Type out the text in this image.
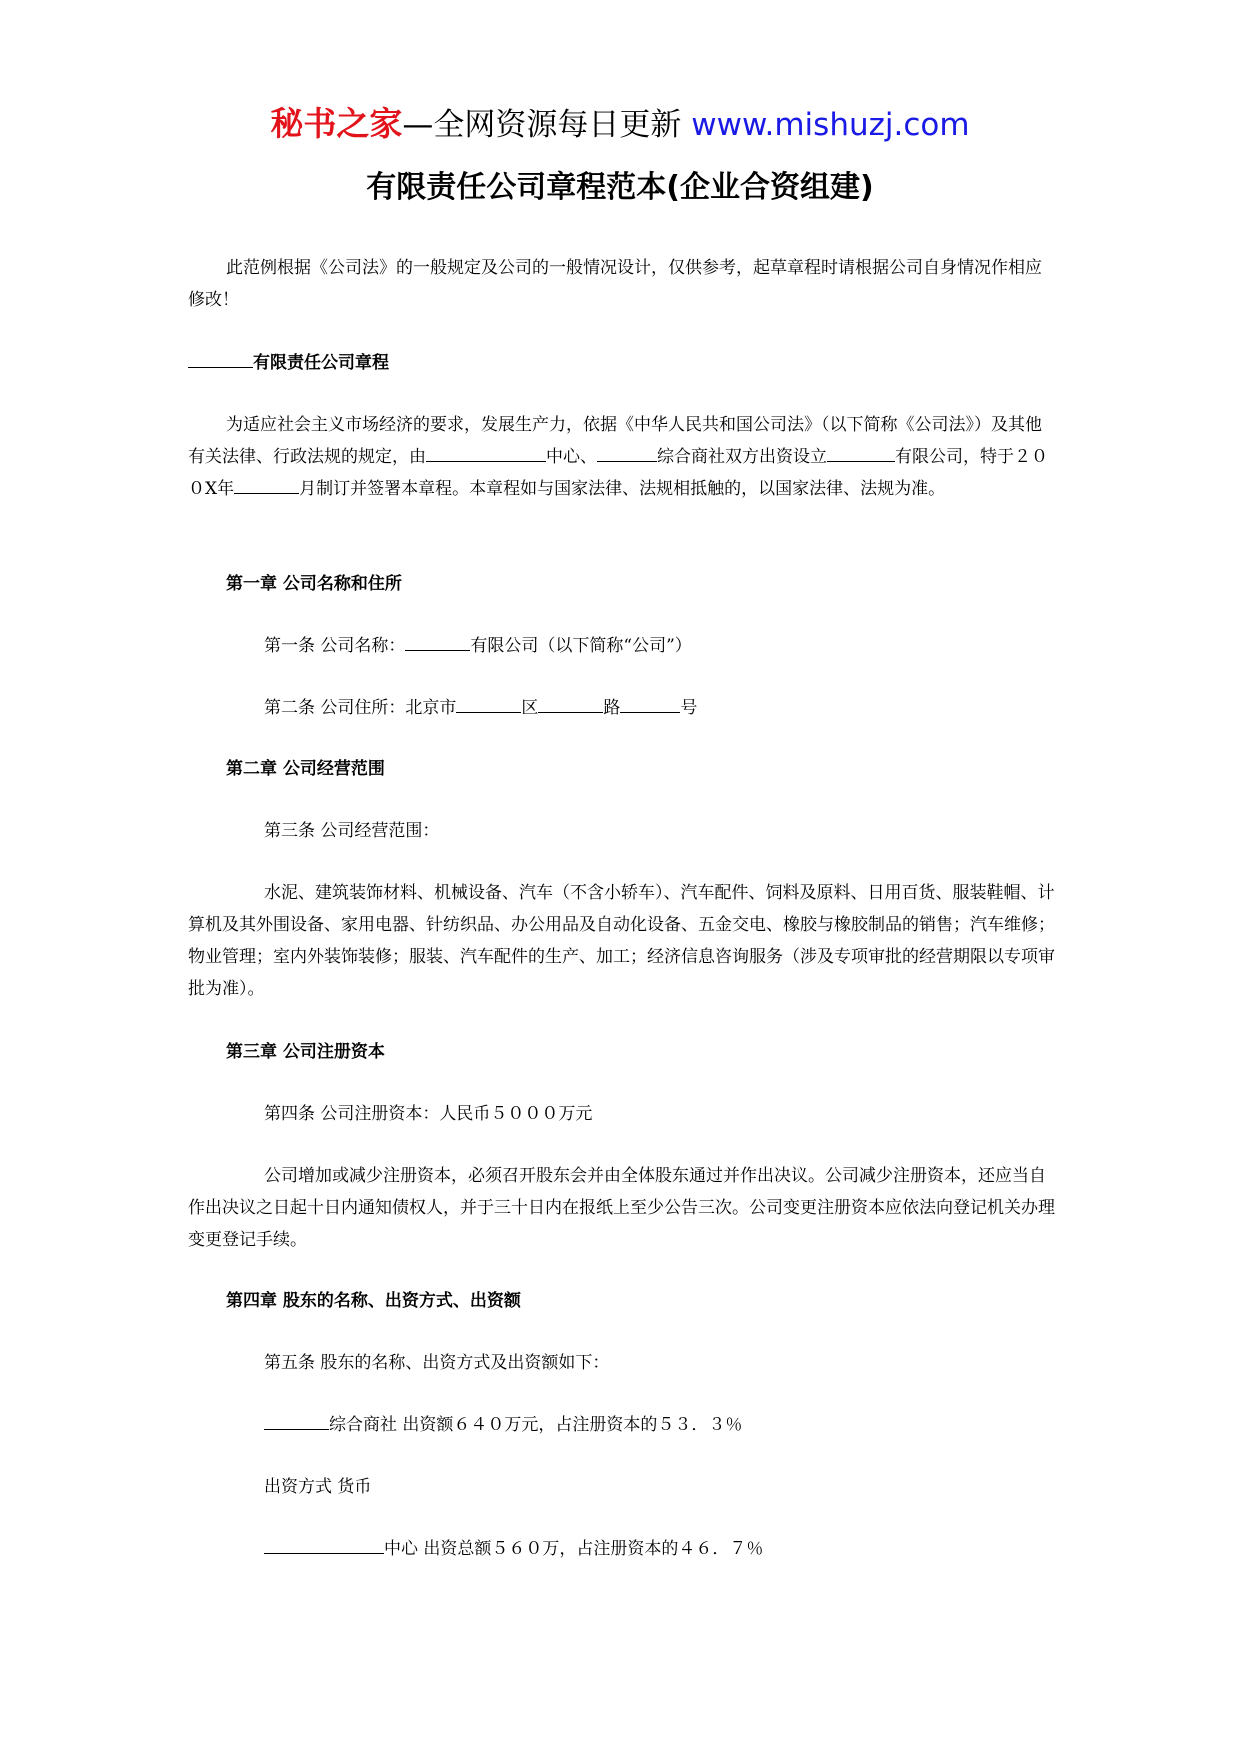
秘书之家—全网资源每日更新 www.mishuzj.com
有限责任公司章程范本(企业合资组建)

此范例根据《公司法》的一般规定及公司的一般情况设计，仅供参考，起草章程时请根据公司自身情况作相应修改！

有限责任公司章程

为适应社会主义市场经济的要求，发展生产力，依据《中华人民共和国公司法》（以下简称《公司法》）及其他有关法律、行政法规的规定，由	中心、	综合商社双方出资设立	有限公司，特于２００X年	月制订并签署本章程。本章程如与国家法律、法规相抵触的，以国家法律、法规为准。

第一章 公司名称和住所

第一条 公司名称：	有限公司（以下简称“公司”）

第二条 公司住所：北京市	区	路	号

第二章 公司经营范围

第三条 公司经营范围：

水泥、建筑装饰材料、机械设备、汽车（不含小轿车）、汽车配件、饲料及原料、日用百货、服装鞋帽、计算机及其外围设备、家用电器、针纺织品、办公用品及自动化设备、五金交电、橡胶与橡胶制品的销售；汽车维修；物业管理；室内外装饰装修；服装、汽车配件的生产、加工；经济信息咨询服务（涉及专项审批的经营期限以专项审批为准）。

第三章 公司注册资本

第四条 公司注册资本：人民币５０００万元

公司增加或减少注册资本，必须召开股东会并由全体股东通过并作出决议。公司减少注册资本，还应当自作出决议之日起十日内通知债权人，并于三十日内在报纸上至少公告三次。公司变更注册资本应依法向登记机关办理变更登记手续。

第四章 股东的名称、出资方式、出资额

第五条 股东的名称、出资方式及出资额如下：

综合商社 出资额６４０万元，占注册资本的５３．３％

出资方式 货币

中心 出资总额５６０万，占注册资本的４６．７％
